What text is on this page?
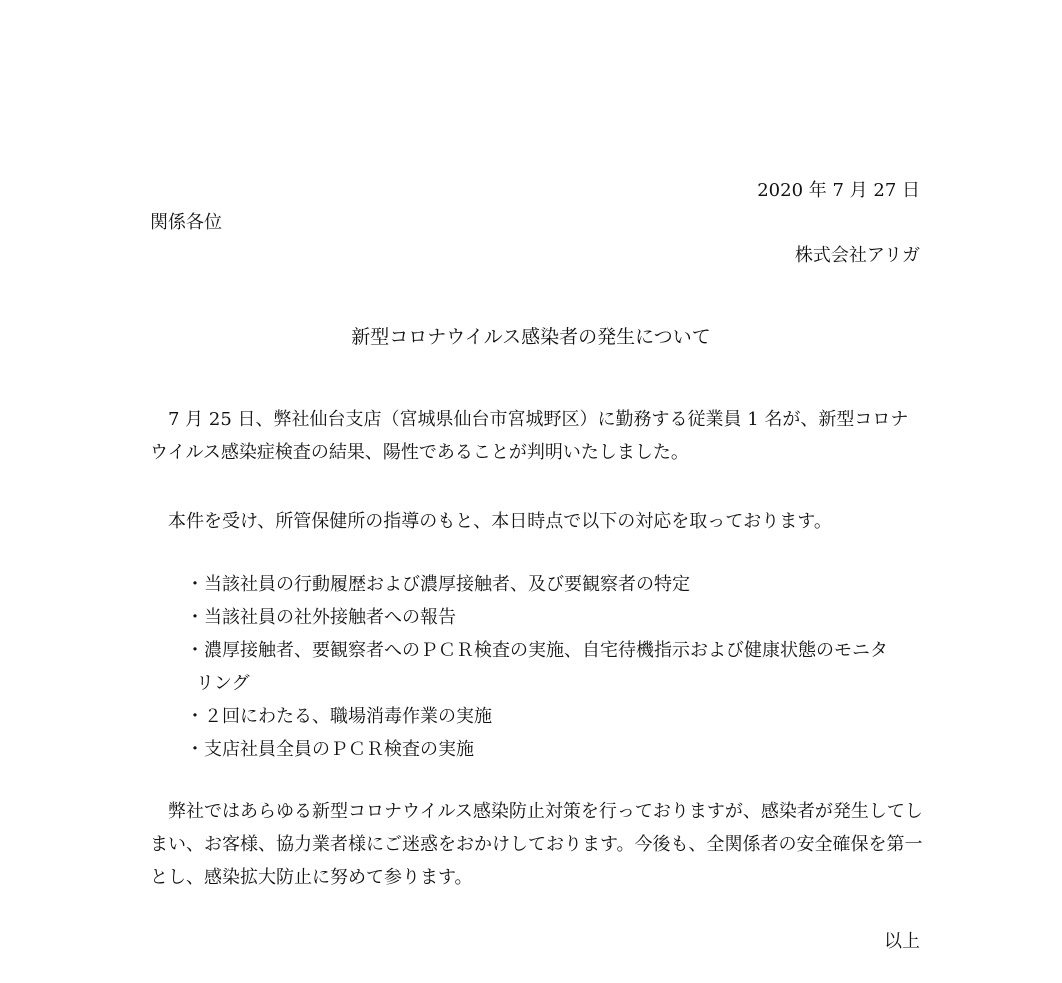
2020 年 7 月 27 日
関係各位
株式会社アリガ
新型コロナウイルス感染者の発生について

7 月 25 日、弊社仙台支店（宮城県仙台市宮城野区）に勤務する従業員 1 名が、新型コロナウイルス感染症検査の結果、陽性であることが判明いたしました。

本件を受け、所管保健所の指導のもと、本日時点で以下の対応を取っております。

・当該社員の行動履歴および濃厚接触者、及び要観察者の特定
・当該社員の社外接触者への報告
・濃厚接触者、要観察者へのＰＣＲ検査の実施、自宅待機指示および健康状態のモニタ
リング
・２回にわたる、職場消毒作業の実施
・支店社員全員のＰＣＲ検査の実施

弊社ではあらゆる新型コロナウイルス感染防止対策を行っておりますが、感染者が発生してしまい、お客様、協力業者様にご迷惑をおかけしております。今後も、全関係者の安全確保を第一とし、感染拡大防止に努めて参ります。

以上
